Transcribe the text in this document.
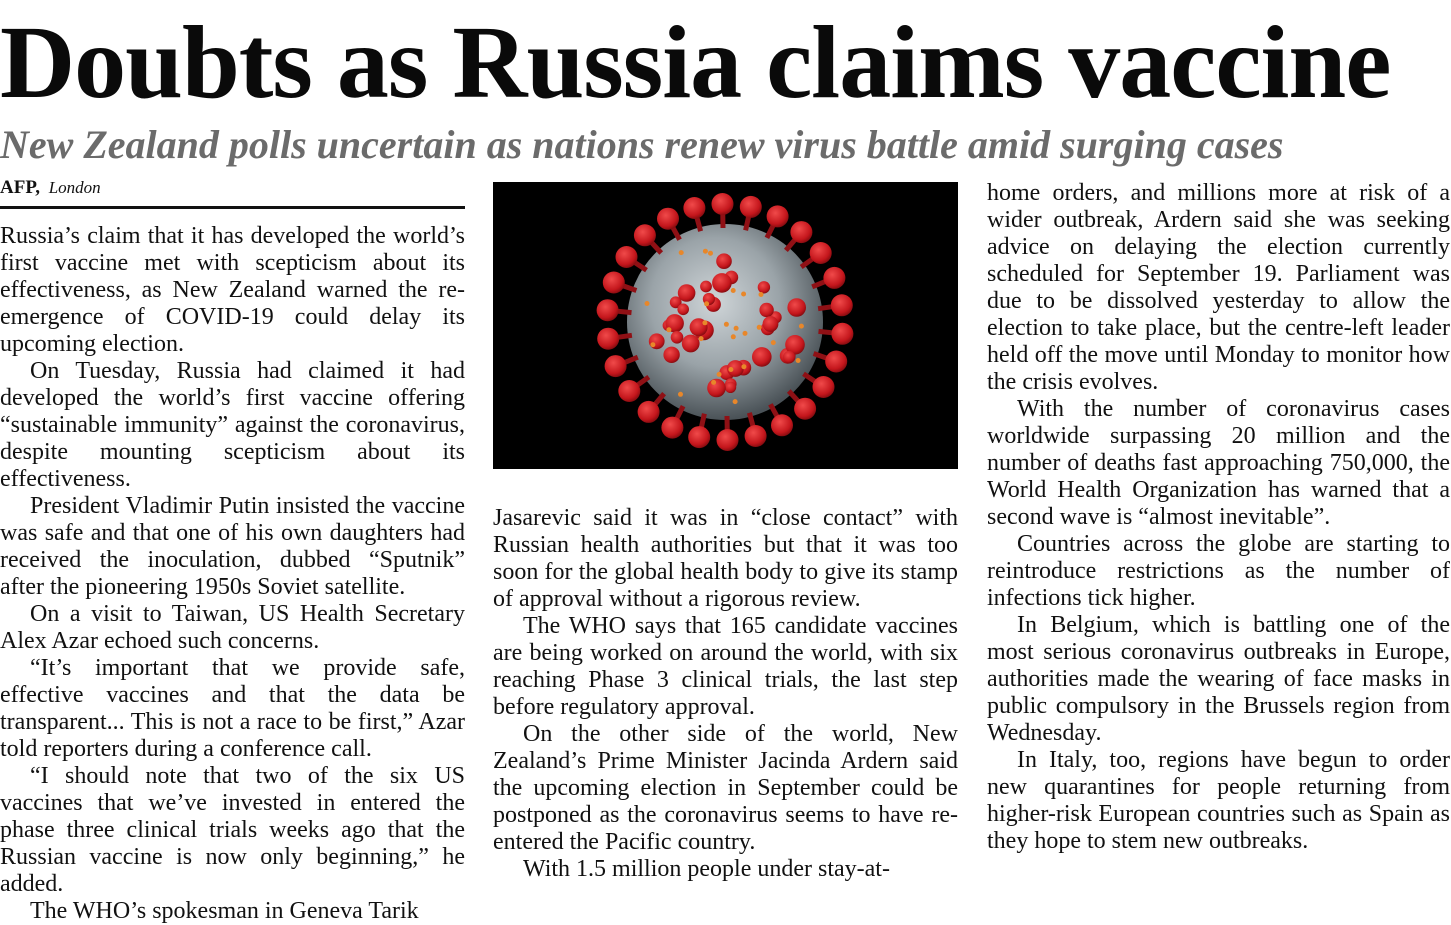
Doubts as Russia claims vaccine
New Zealand polls uncertain as nations renew virus battle amid surging cases
AFP, London

Russia’s claim that it has developed the world’s first vaccine met with scepticism about its effectiveness, as New Zealand warned the re-emergence of COVID-19 could delay its upcoming election.

On Tuesday, Russia had claimed it had developed the world’s first vaccine offering “sustainable immunity” against the coronavirus, despite mounting scepticism about its effectiveness.

President Vladimir Putin insisted the vaccine was safe and that one of his own daughters had received the inoculation, dubbed “Sputnik” after the pioneering 1950s Soviet satellite.

On a visit to Taiwan, US Health Secretary Alex Azar echoed such concerns.

“It’s important that we provide safe, effective vaccines and that the data be transparent... This is not a race to be first,” Azar told reporters during a conference call.

“I should note that two of the six US vaccines that we’ve invested in entered the phase three clinical trials weeks ago that the Russian vaccine is now only beginning,” he added.

The WHO’s spokesman in Geneva Tarik

Jasarevic said it was in “close contact” with Russian health authorities but that it was too soon for the global health body to give its stamp of approval without a rigorous review.

The WHO says that 165 candidate vaccines are being worked on around the world, with six reaching Phase 3 clinical trials, the last step before regulatory approval.

On the other side of the world, New Zealand’s Prime Minister Jacinda Ardern said the upcoming election in September could be postponed as the coronavirus seems to have re-entered the Pacific country.

With 1.5 million people under stay-at-

home orders, and millions more at risk of a wider outbreak, Ardern said she was seeking advice on delaying the election currently scheduled for September 19. Parliament was due to be dissolved yesterday to allow the election to take place, but the centre-left leader held off the move until Monday to monitor how the crisis evolves.

With the number of coronavirus cases worldwide surpassing 20 million and the number of deaths fast approaching 750,000, the World Health Organization has warned that a second wave is “almost inevitable”.

Countries across the globe are starting to reintroduce restrictions as the number of infections tick higher.

In Belgium, which is battling one of the most serious coronavirus outbreaks in Europe, authorities made the wearing of face masks in public compulsory in the Brussels region from Wednesday.

In Italy, too, regions have begun to order new quarantines for people returning from higher-risk European countries such as Spain as they hope to stem new outbreaks.
